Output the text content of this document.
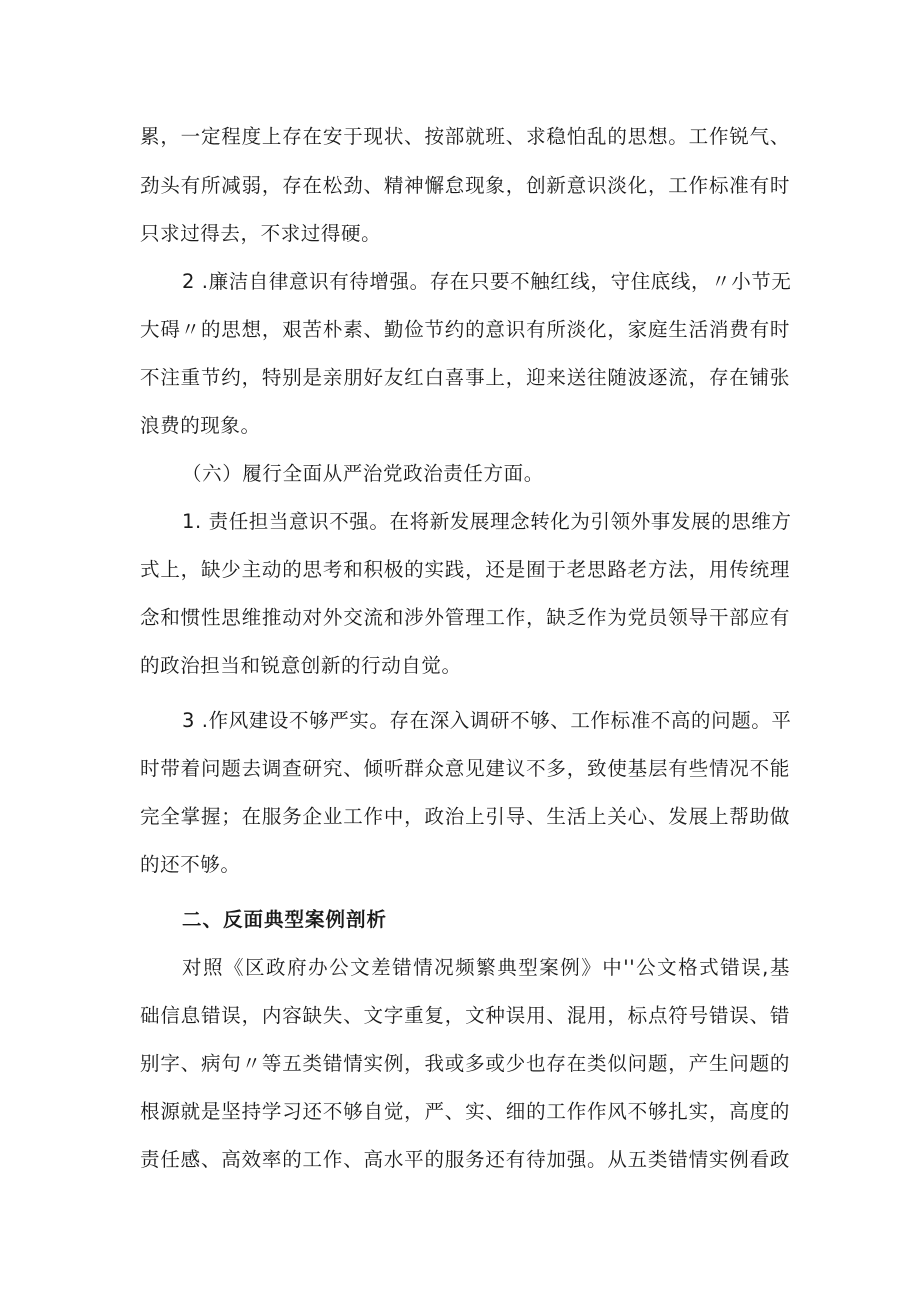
累，一定程度上存在安于现状、按部就班、求稳怕乱的思想。工作锐气、
劲头有所减弱，存在松劲、精神懈怠现象，创新意识淡化，工作标准有时
只求过得去，不求过得硬。
2 .廉洁自律意识有待增强。存在只要不触红线，守住底线，〃小节无
大碍〃的思想，艰苦朴素、勤俭节约的意识有所淡化，家庭生活消费有时
不注重节约，特别是亲朋好友红白喜事上，迎来送往随波逐流，存在铺张
浪费的现象。
（六）履行全面从严治党政治责任方面。
1. 责任担当意识不强。在将新发展理念转化为引领外事发展的思维方
式上，缺少主动的思考和积极的实践，还是囿于老思路老方法，用传统理
念和惯性思维推动对外交流和涉外管理工作，缺乏作为党员领导干部应有
的政治担当和锐意创新的行动自觉。
3 .作风建设不够严实。存在深入调研不够、工作标准不高的问题。平
时带着问题去调查研究、倾听群众意见建议不多，致使基层有些情况不能
完全掌握；在服务企业工作中，政治上引导、生活上关心、发展上帮助做
的还不够。
二、反面典型案例剖析
对照《区政府办公文差错情况频繁典型案例》中''公文格式错误,基
础信息错误，内容缺失、文字重复，文种误用、混用，标点符号错误、错
别字、病句〃等五类错情实例，我或多或少也存在类似问题，产生问题的
根源就是坚持学习还不够自觉，严、实、细的工作作风不够扎实，高度的
责任感、高效率的工作、高水平的服务还有待加强。从五类错情实例看政
